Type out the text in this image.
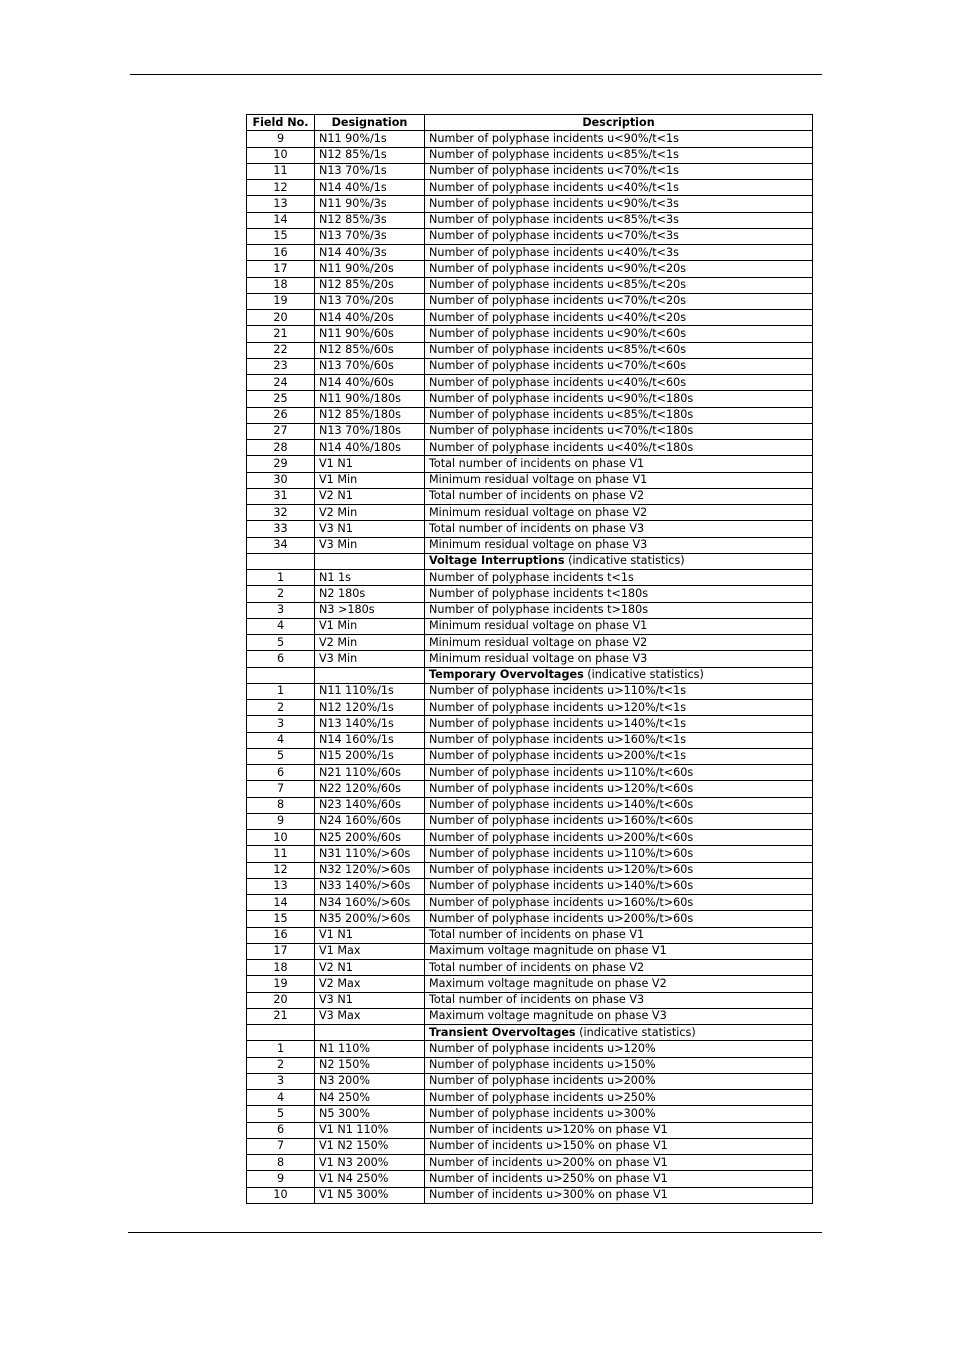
Field No.	Designation	Description
9	N11 90%/1s	Number of polyphase incidents u<90%/t<1s
10	N12 85%/1s	Number of polyphase incidents u<85%/t<1s
11	N13 70%/1s	Number of polyphase incidents u<70%/t<1s
12	N14 40%/1s	Number of polyphase incidents u<40%/t<1s
13	N11 90%/3s	Number of polyphase incidents u<90%/t<3s
14	N12 85%/3s	Number of polyphase incidents u<85%/t<3s
15	N13 70%/3s	Number of polyphase incidents u<70%/t<3s
16	N14 40%/3s	Number of polyphase incidents u<40%/t<3s
17	N11 90%/20s	Number of polyphase incidents u<90%/t<20s
18	N12 85%/20s	Number of polyphase incidents u<85%/t<20s
19	N13 70%/20s	Number of polyphase incidents u<70%/t<20s
20	N14 40%/20s	Number of polyphase incidents u<40%/t<20s
21	N11 90%/60s	Number of polyphase incidents u<90%/t<60s
22	N12 85%/60s	Number of polyphase incidents u<85%/t<60s
23	N13 70%/60s	Number of polyphase incidents u<70%/t<60s
24	N14 40%/60s	Number of polyphase incidents u<40%/t<60s
25	N11 90%/180s	Number of polyphase incidents u<90%/t<180s
26	N12 85%/180s	Number of polyphase incidents u<85%/t<180s
27	N13 70%/180s	Number of polyphase incidents u<70%/t<180s
28	N14 40%/180s	Number of polyphase incidents u<40%/t<180s
29	V1 N1	Total number of incidents on phase V1
30	V1 Min	Minimum residual voltage on phase V1
31	V2 N1	Total number of incidents on phase V2
32	V2 Min	Minimum residual voltage on phase V2
33	V3 N1	Total number of incidents on phase V3
34	V3 Min	Minimum residual voltage on phase V3
		Voltage Interruptions (indicative statistics)
1	N1 1s	Number of polyphase incidents t<1s
2	N2 180s	Number of polyphase incidents t<180s
3	N3 >180s	Number of polyphase incidents t>180s
4	V1 Min	Minimum residual voltage on phase V1
5	V2 Min	Minimum residual voltage on phase V2
6	V3 Min	Minimum residual voltage on phase V3
		Temporary Overvoltages (indicative statistics)
1	N11 110%/1s	Number of polyphase incidents u>110%/t<1s
2	N12 120%/1s	Number of polyphase incidents u>120%/t<1s
3	N13 140%/1s	Number of polyphase incidents u>140%/t<1s
4	N14 160%/1s	Number of polyphase incidents u>160%/t<1s
5	N15 200%/1s	Number of polyphase incidents u>200%/t<1s
6	N21 110%/60s	Number of polyphase incidents u>110%/t<60s
7	N22 120%/60s	Number of polyphase incidents u>120%/t<60s
8	N23 140%/60s	Number of polyphase incidents u>140%/t<60s
9	N24 160%/60s	Number of polyphase incidents u>160%/t<60s
10	N25 200%/60s	Number of polyphase incidents u>200%/t<60s
11	N31 110%/>60s	Number of polyphase incidents u>110%/t>60s
12	N32 120%/>60s	Number of polyphase incidents u>120%/t>60s
13	N33 140%/>60s	Number of polyphase incidents u>140%/t>60s
14	N34 160%/>60s	Number of polyphase incidents u>160%/t>60s
15	N35 200%/>60s	Number of polyphase incidents u>200%/t>60s
16	V1 N1	Total number of incidents on phase V1
17	V1 Max	Maximum voltage magnitude on phase V1
18	V2 N1	Total number of incidents on phase V2
19	V2 Max	Maximum voltage magnitude on phase V2
20	V3 N1	Total number of incidents on phase V3
21	V3 Max	Maximum voltage magnitude on phase V3
		Transient Overvoltages (indicative statistics)
1	N1 110%	Number of polyphase incidents u>120%
2	N2 150%	Number of polyphase incidents u>150%
3	N3 200%	Number of polyphase incidents u>200%
4	N4 250%	Number of polyphase incidents u>250%
5	N5 300%	Number of polyphase incidents u>300%
6	V1 N1 110%	Number of incidents u>120% on phase V1
7	V1 N2 150%	Number of incidents u>150% on phase V1
8	V1 N3 200%	Number of incidents u>200% on phase V1
9	V1 N4 250%	Number of incidents u>250% on phase V1
10	V1 N5 300%	Number of incidents u>300% on phase V1
